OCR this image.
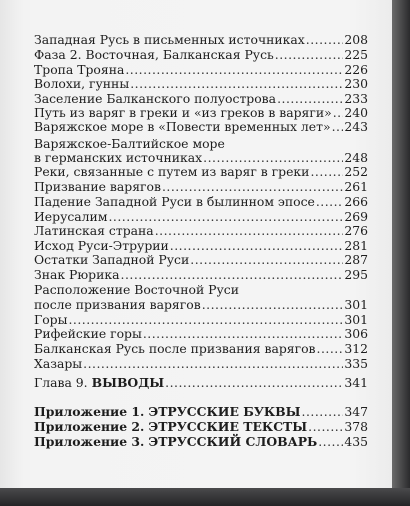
Западная Русь в письменных источниках .....	208
Фаза 2. Восточная, Балканская Русь .....	225
Тропа Трояна .....	226
Волохи, гунны .....	230
Заселение Балканского полуострова .....	233
Путь из варяг в греки и «из греков в варяги» ..... 240
Варяжское море в «Повести временных лет» ..... 243
Варяжское-Балтийское море
в германских источниках .....	248
Реки, связанные с путем из варяг в греки .....	252
Призвание варягов .....	261
Падение Западной Руси в былинном эпосе ..... 266
Иерусалим .....	269
Латинская страна .....	276
Исход Руси-Этрурии .....	281
Остатки Западной Руси .....	287
Знак Рюрика .....	295
Расположение Восточной Руси
после призвания варягов .....	301
Горы .....	301
Рифейские горы .....	306
Балканская Русь после призвания варягов ..... 312
Хазары .....	335
Глава 9. ВЫВОДЫ .....	341
Приложение 1. ЭТРУССКИЕ БУКВЫ .....	347
Приложение 2. ЭТРУССКИЕ ТЕКСТЫ .....	378
Приложение 3. ЭТРУССКИЙ СЛОВАРЬ ..... 435
